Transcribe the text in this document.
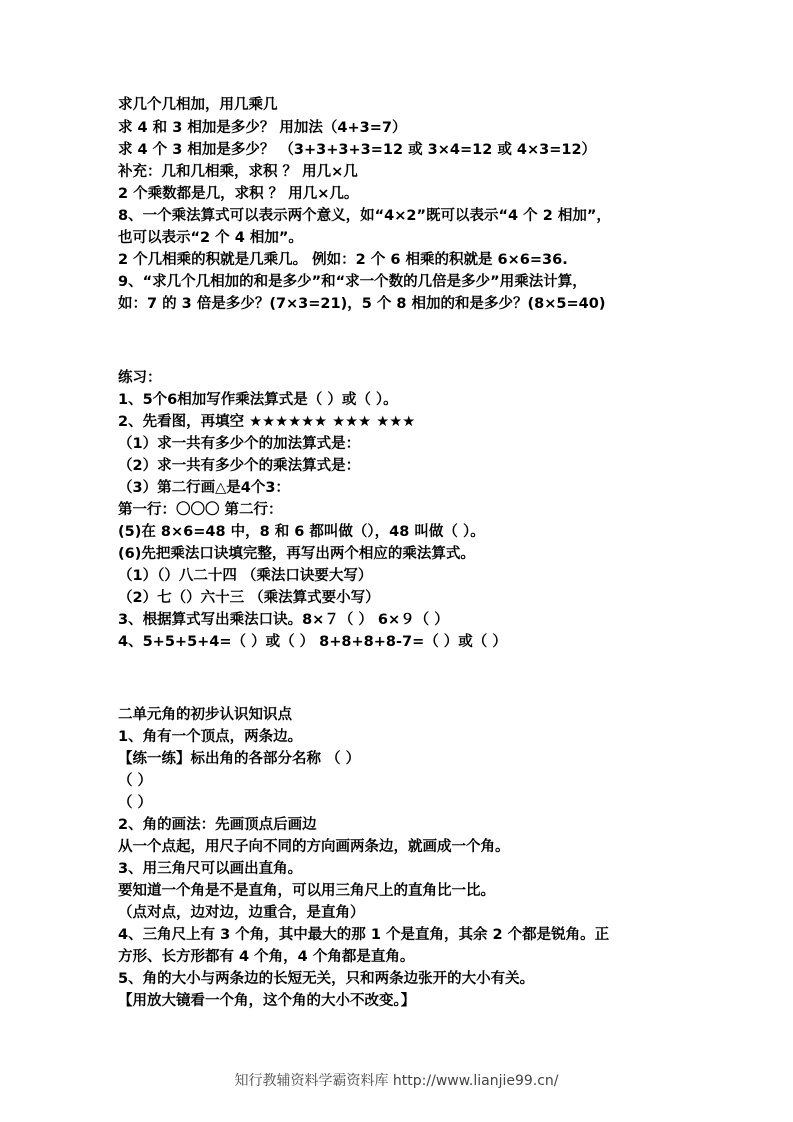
求几个几相加，用几乘几

求 4 和 3 相加是多少？ 用加法（4+3=7）

求 4 个 3 相加是多少？ （3+3+3+3=12 或 3×4=12 或 4×3=12）

补充：几和几相乘，求积 ？ 用几×几

2 个乘数都是几，求积 ？ 用几×几。

8、一个乘法算式可以表示两个意义，如“4×2”既可以表示“4 个 2 相加”，

也可以表示“2 个 4 相加”。

2 个几相乘的积就是几乘几。 例如：2 个 6 相乘的积就是 6×6=36.

9、“求几个几相加的和是多少”和“求一个数的几倍是多少”用乘法计算，

如：7 的 3 倍是多少？(7×3=21)，5 个 8 相加的和是多少？(8×5=40)

练习：

1、5个6相加写作乘法算式是（ ）或（ ）。

2、先看图，再填空 ★★★★★★ ★★★ ★★★

（1）求一共有多少个的加法算式是：

（2）求一共有多少个的乘法算式是：

（3）第二行画△是4个3：

第一行：〇〇〇 第二行：

(5)在 8×6=48 中，8 和 6 都叫做（），48 叫做（ ）。

(6)先把乘法口诀填完整，再写出两个相应的乘法算式。

（1）（）八二十四 （乘法口诀要大写）

（2）七（）六十三 （乘法算式要小写）

3、根据算式写出乘法口诀。8×７（ ） 6×９（ ）

4、5+5+5+4=（ ）或（ ） 8+8+8+8-7=（ ）或（ ）

二单元角的初步认识知识点

1、角有一个顶点，两条边。

【练一练】标出角的各部分名称 （ ）

（ ）

（ ）

2、角的画法：先画顶点后画边

从一个点起，用尺子向不同的方向画两条边，就画成一个角。

3、用三角尺可以画出直角。

要知道一个角是不是直角，可以用三角尺上的直角比一比。

（点对点，边对边，边重合，是直角）

4、三角尺上有 3 个角，其中最大的那 1 个是直角，其余 2 个都是锐角。正

方形、长方形都有 4 个角，4 个角都是直角。

5、角的大小与两条边的长短无关，只和两条边张开的大小有关。

【用放大镜看一个角，这个角的大小不改变。】

知行教辅资料学霸资料库 http://www.lianjie99.cn/
